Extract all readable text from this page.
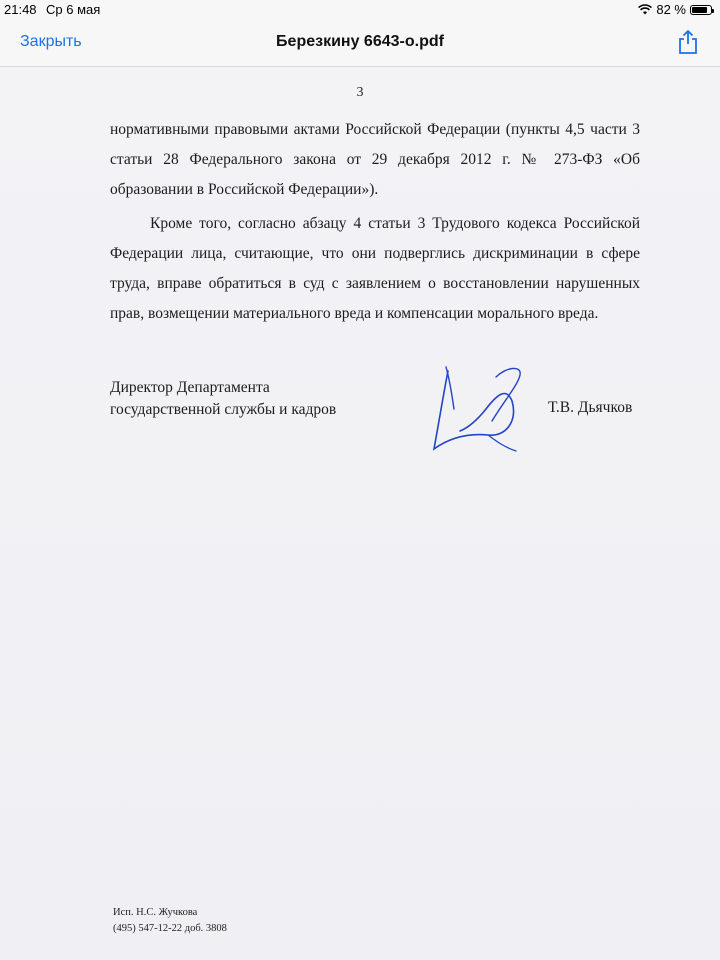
21:48 Ср 6 мая	82 %
Закрыть	Березкину 6643-о.pdf
3

нормативными правовыми актами Российской Федерации (пункты 4,5 части 3 статьи 28 Федерального закона от 29 декабря 2012 г. № 273-ФЗ «Об образовании в Российской Федерации»).

Кроме того, согласно абзацу 4 статьи 3 Трудового кодекса Российской Федерации лица, считающие, что они подверглись дискриминации в сфере труда, вправе обратиться в суд с заявлением о восстановлении нарушенных прав, возмещении материального вреда и компенсации морального вреда.

Директор Департамента
государственной службы и кадров	Т.В. Дьячков
Исп. Н.С. Жучкова
(495) 547-12-22 доб. 3808
